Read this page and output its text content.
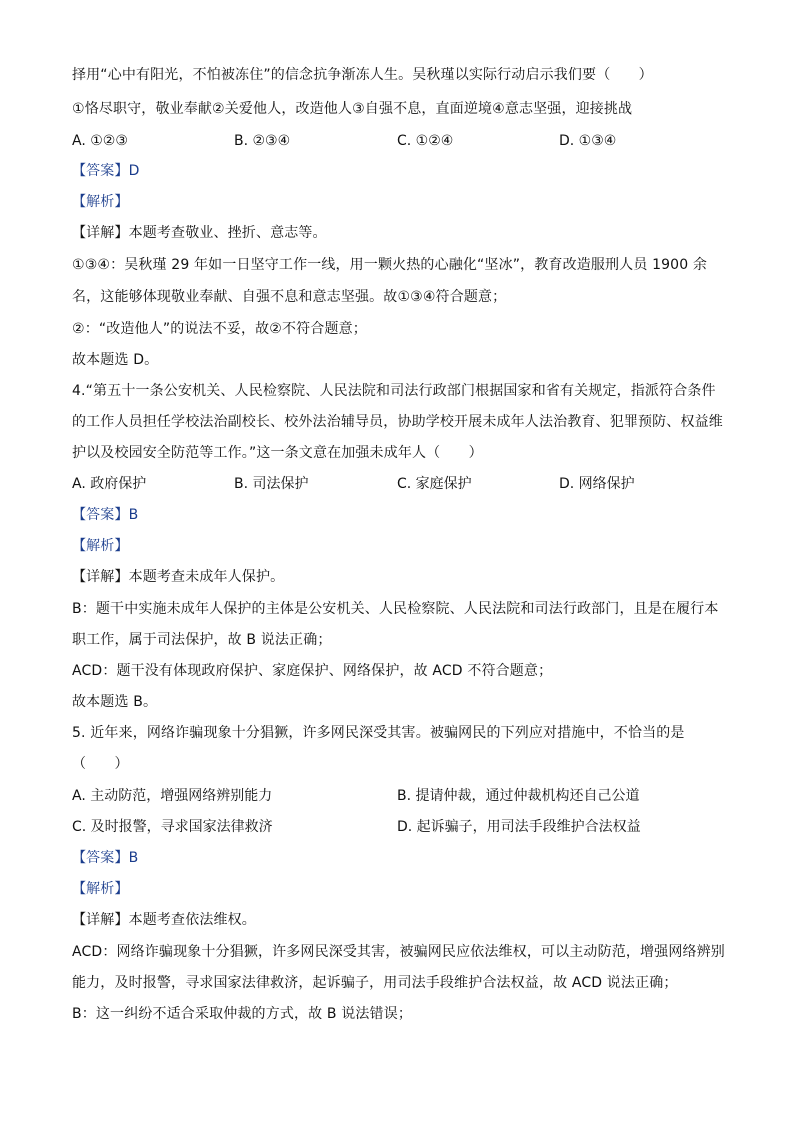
择用“心中有阳光，不怕被冻住”的信念抗争渐冻人生。吴秋瑾以实际行动启示我们要（　　）
①恪尽职守，敬业奉献②关爱他人，改造他人③自强不息，直面逆境④意志坚强，迎接挑战
A. ①②③	B. ②③④	C. ①②④	D. ①③④
【答案】D
【解析】
【详解】本题考查敬业、挫折、意志等。
①③④：吴秋瑾 29 年如一日坚守工作一线，用一颗火热的心融化“坚冰”，教育改造服刑人员 1900 余
名，这能够体现敬业奉献、自强不息和意志坚强。故①③④符合题意；
②：“改造他人”的说法不妥，故②不符合题意；
故本题选 D。
4.“第五十一条公安机关、人民检察院、人民法院和司法行政部门根据国家和省有关规定，指派符合条件
的工作人员担任学校法治副校长、校外法治辅导员，协助学校开展未成年人法治教育、犯罪预防、权益维
护以及校园安全防范等工作。”这一条文意在加强未成年人（　　）
A. 政府保护	B. 司法保护	C. 家庭保护	D. 网络保护
【答案】B
【解析】
【详解】本题考查未成年人保护。
B：题干中实施未成年人保护的主体是公安机关、人民检察院、人民法院和司法行政部门，且是在履行本
职工作，属于司法保护，故 B 说法正确；
ACD：题干没有体现政府保护、家庭保护、网络保护，故 ACD 不符合题意；
故本题选 B。
5. 近年来，网络诈骗现象十分猖獗，许多网民深受其害。被骗网民的下列应对措施中，不恰当的是
（　　）
A. 主动防范，增强网络辨别能力	B. 提请仲裁，通过仲裁机构还自己公道
C. 及时报警，寻求国家法律救济	D. 起诉骗子，用司法手段维护合法权益
【答案】B
【解析】
【详解】本题考查依法维权。
ACD：网络诈骗现象十分猖獗，许多网民深受其害，被骗网民应依法维权，可以主动防范，增强网络辨别
能力，及时报警，寻求国家法律救济，起诉骗子，用司法手段维护合法权益，故 ACD 说法正确；
B：这一纠纷不适合采取仲裁的方式，故 B 说法错误；
